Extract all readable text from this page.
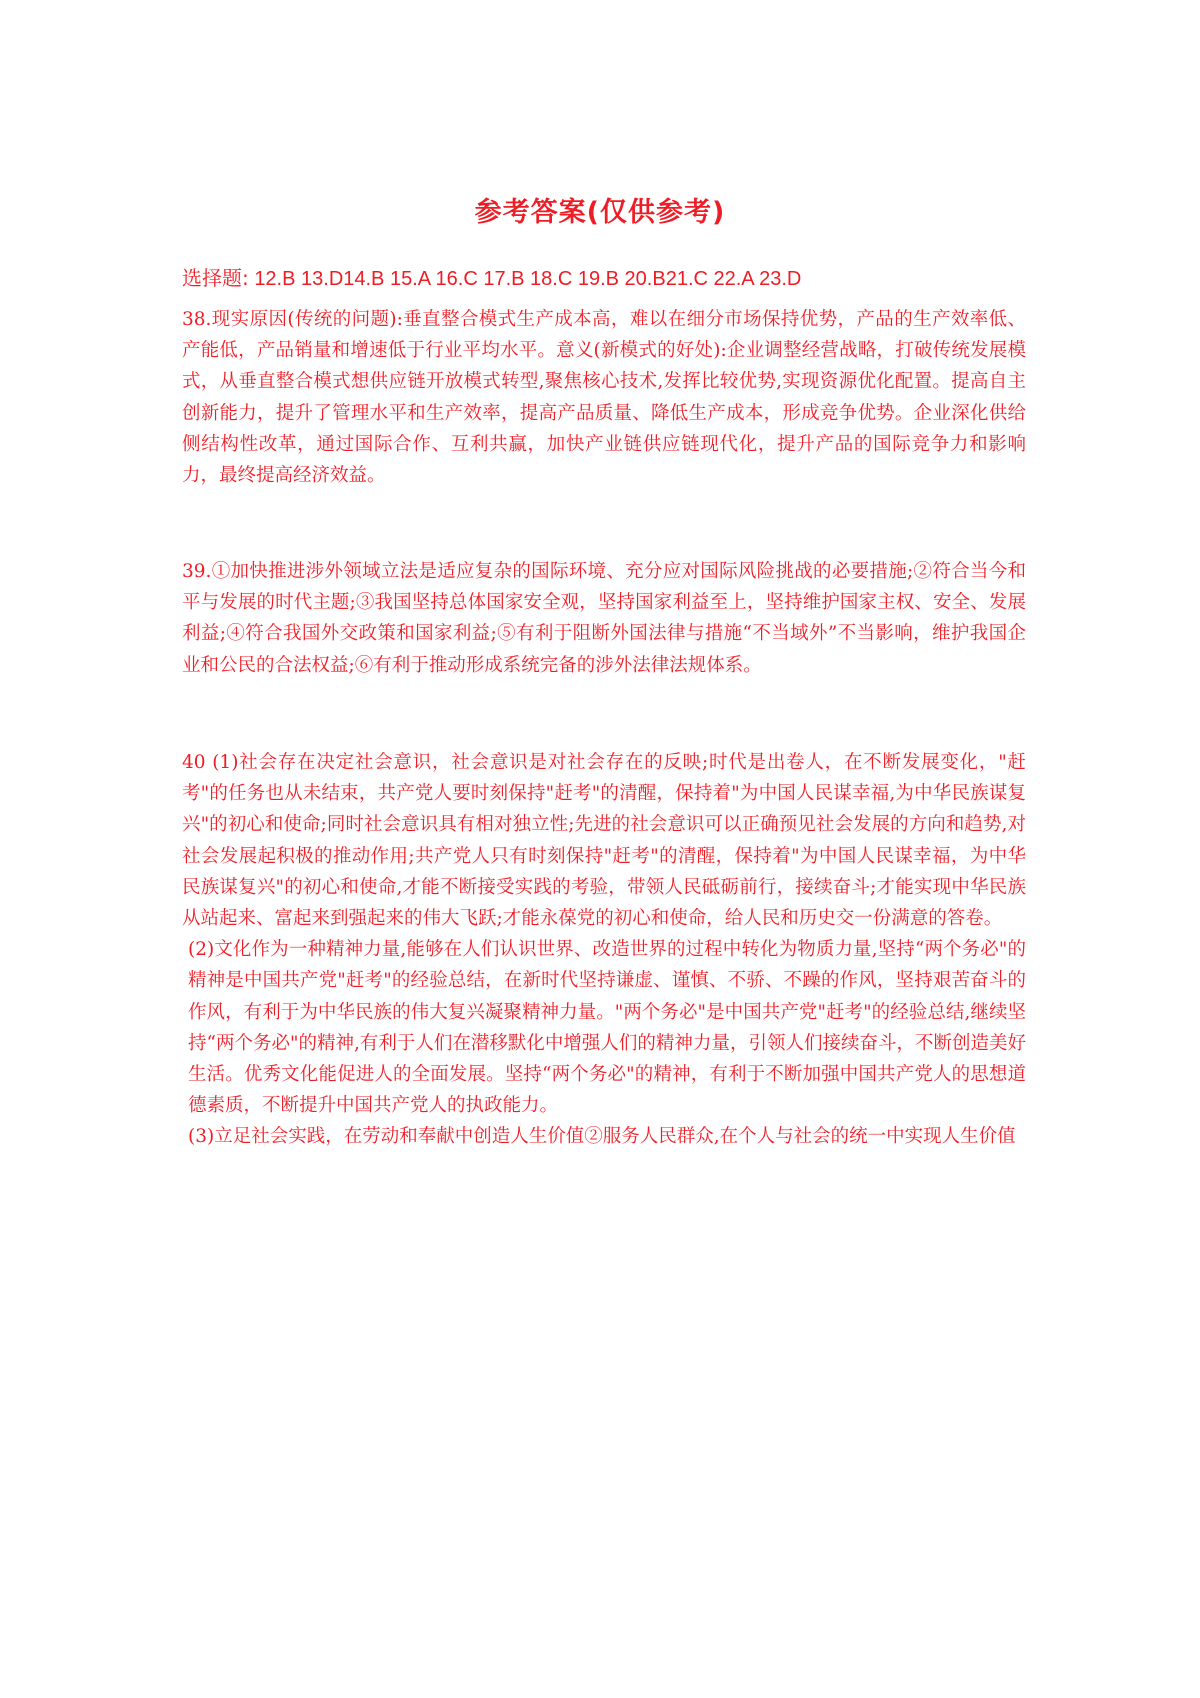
参考答案(仅供参考)
选择题: 12.B 13.D14.B 15.A 16.C 17.B 18.C 19.B 20.B21.C 22.A 23.D

38.现实原因(传统的问题):垂直整合模式生产成本高，难以在细分市场保持优势，产品的生产效率低、产能低，产品销量和增速低于行业平均水平。意义(新模式的好处):企业调整经营战略，打破传统发展模式，从垂直整合模式想供应链开放模式转型,聚焦核心技术,发挥比较优势,实现资源优化配置。提高自主创新能力，提升了管理水平和生产效率，提高产品质量、降低生产成本，形成竞争优势。企业深化供给侧结构性改革，通过国际合作、互利共赢，加快产业链供应链现代化，提升产品的国际竞争力和影响力，最终提高经济效益。

39.①加快推进涉外领域立法是适应复杂的国际环境、充分应对国际风险挑战的必要措施;②符合当今和平与发展的时代主题;③我国坚持总体国家安全观，坚持国家利益至上，坚持维护国家主权、安全、发展利益;④符合我国外交政策和国家利益;⑤有利于阻断外国法律与措施“不当域外”不当影响，维护我国企业和公民的合法权益;⑥有利于推动形成系统完备的涉外法律法规体系。

40 (1)社会存在决定社会意识，社会意识是对社会存在的反映;时代是出卷人，在不断发展变化，"赶考"的任务也从未结束，共产党人要时刻保持"赶考"的清醒，保持着"为中国人民谋幸福,为中华民族谋复兴"的初心和使命;同时社会意识具有相对独立性;先进的社会意识可以正确预见社会发展的方向和趋势,对社会发展起积极的推动作用;共产党人只有时刻保持"赶考"的清醒，保持着"为中国人民谋幸福，为中华民族谋复兴"的初心和使命,才能不断接受实践的考验，带领人民砥砺前行，接续奋斗;才能实现中华民族从站起来、富起来到强起来的伟大飞跃;才能永葆党的初心和使命，给人民和历史交一份满意的答卷。

(2)文化作为一种精神力量,能够在人们认识世界、改造世界的过程中转化为物质力量,坚持“两个务必"的精神是中国共产党"赶考"的经验总结，在新时代坚持谦虚、谨慎、不骄、不躁的作风，坚持艰苦奋斗的作风，有利于为中华民族的伟大复兴凝聚精神力量。"两个务必"是中国共产党"赶考"的经验总结,继续坚持“两个务必"的精神,有利于人们在潜移默化中增强人们的精神力量，引领人们接续奋斗，不断创造美好生活。优秀文化能促进人的全面发展。坚持“两个务必"的精神，有利于不断加强中国共产党人的思想道德素质，不断提升中国共产党人的执政能力。

(3)立足社会实践，在劳动和奉献中创造人生价值②服务人民群众,在个人与社会的统一中实现人生价值
